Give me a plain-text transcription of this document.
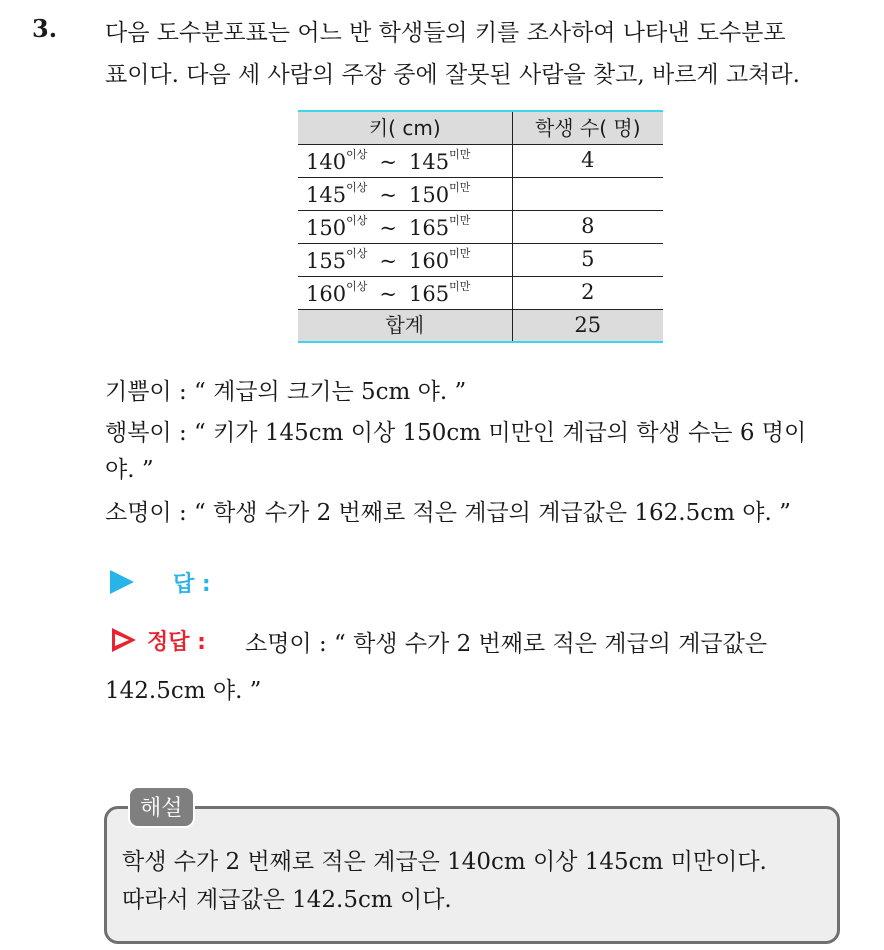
3. 다음 도수분포표는 어느 반 학생들의 키를 조사하여 나타낸 도수분포
표이다. 다음 세 사람의 주장 중에 잘못된 사람을 찾고, 바르게 고쳐라.
키( cm)	학생 수( 명)
$140^{이상}$ ~ $145^{미만}$	4
$145^{이상}$ ~ $150^{미만}$	
$150^{이상}$ ~ $165^{미만}$	8
$155^{이상}$ ~ $160^{미만}$	5
$160^{이상}$ ~ $165^{미만}$	2
합계	25
기쁨이 : “ 계급의 크기는 5cm 야. ”
행복이 : “ 키가 145cm 이상 150cm 미만인 계급의 학생 수는 6 명이
야. ”
소명이 : “ 학생 수가 2 번째로 적은 계급의 계급값은 162.5cm 야. ”
답 :
정답 : 소명이 : “ 학생 수가 2 번째로 적은 계급의 계급값은
142.5cm 야. ”
해설
학생 수가 2 번째로 적은 계급은 140cm 이상 145cm 미만이다.
따라서 계급값은 142.5cm 이다.
